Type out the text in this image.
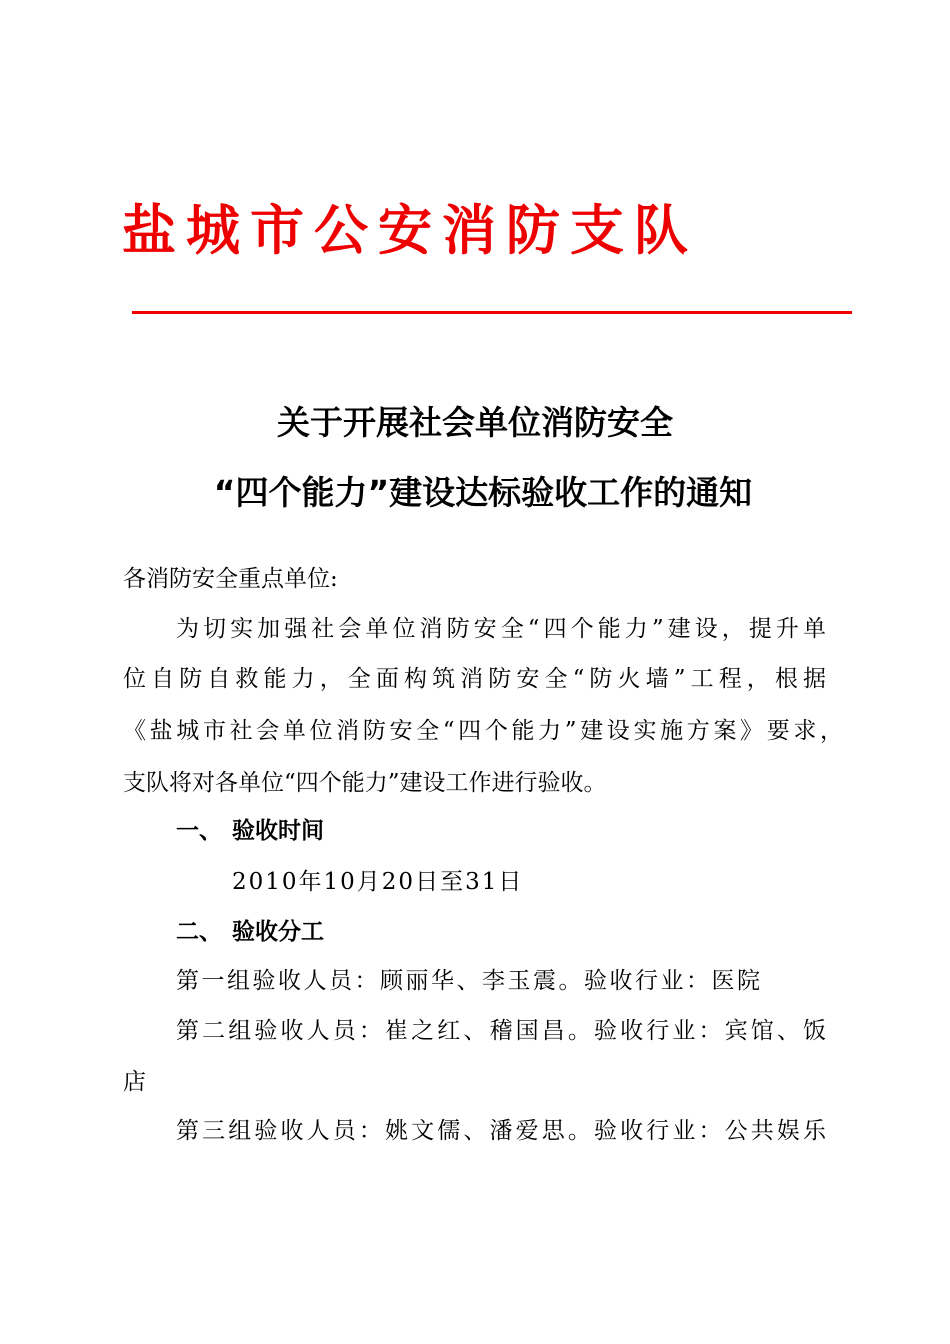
盐城市公安消防支队
关于开展社会单位消防安全
“四个能力”建设达标验收工作的通知
各消防安全重点单位:
为切实加强社会单位消防安全“四个能力”建设，提升单
位自防自救能力，全面构筑消防安全“防火墙”工程，根据
《盐城市社会单位消防安全“四个能力”建设实施方案》要求，
支队将对各单位“四个能力”建设工作进行验收。
一、 验收时间
2010年10月20日至31日
二、 验收分工
第一组验收人员：顾丽华、李玉震。验收行业：医院
第二组验收人员：崔之红、稽国昌。验收行业：宾馆、饭
店
第三组验收人员：姚文儒、潘爱思。验收行业：公共娱乐
